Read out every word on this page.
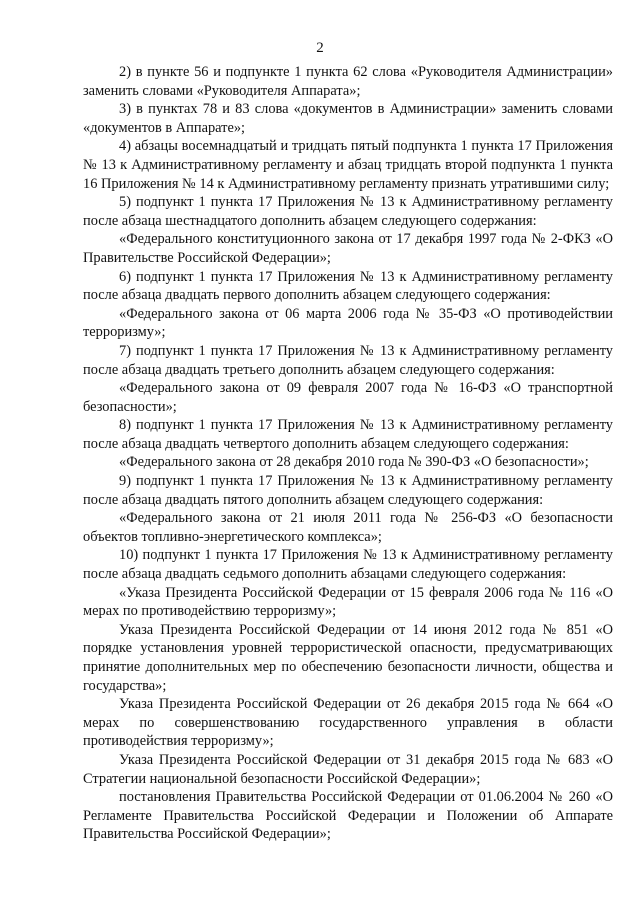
2

2) в пункте 56 и подпункте 1 пункта 62 слова «Руководителя Администрации» заменить словами «Руководителя Аппарата»;

3) в пунктах 78 и 83 слова «документов в Администрации» заменить словами «документов в Аппарате»;

4) абзацы восемнадцатый и тридцать пятый подпункта 1 пункта 17 Приложения № 13 к Административному регламенту и абзац тридцать второй подпункта 1 пункта 16 Приложения № 14 к Административному регламенту признать утратившими силу;

5) подпункт 1 пункта 17 Приложения № 13 к Административному регламенту после абзаца шестнадцатого дополнить абзацем следующего содержания:

«Федерального конституционного закона от 17 декабря 1997 года № 2-ФКЗ «О Правительстве Российской Федерации»;

6) подпункт 1 пункта 17 Приложения № 13 к Административному регламенту после абзаца двадцать первого дополнить абзацем следующего содержания:

«Федерального закона от 06 марта 2006 года № 35-ФЗ «О противодействии терроризму»;

7) подпункт 1 пункта 17 Приложения № 13 к Административному регламенту после абзаца двадцать третьего дополнить абзацем следующего содержания:

«Федерального закона от 09 февраля 2007 года № 16-ФЗ «О транспортной безопасности»;

8) подпункт 1 пункта 17 Приложения № 13 к Административному регламенту после абзаца двадцать четвертого дополнить абзацем следующего содержания:

«Федерального закона от 28 декабря 2010 года № 390-ФЗ «О безопасности»;

9) подпункт 1 пункта 17 Приложения № 13 к Административному регламенту после абзаца двадцать пятого дополнить абзацем следующего содержания:

«Федерального закона от 21 июля 2011 года № 256-ФЗ «О безопасности объектов топливно-энергетического комплекса»;

10) подпункт 1 пункта 17 Приложения № 13 к Административному регламенту после абзаца двадцать седьмого дополнить абзацами следующего содержания:

«Указа Президента Российской Федерации от 15 февраля 2006 года № 116 «О мерах по противодействию терроризму»;

Указа Президента Российской Федерации от 14 июня 2012 года № 851 «О порядке установления уровней террористической опасности, предусматривающих принятие дополнительных мер по обеспечению безопасности личности, общества и государства»;

Указа Президента Российской Федерации от 26 декабря 2015 года № 664 «О мерах по совершенствованию государственного управления в области противодействия терроризму»;

Указа Президента Российской Федерации от 31 декабря 2015 года № 683 «О Стратегии национальной безопасности Российской Федерации»;

постановления Правительства Российской Федерации от 01.06.2004 № 260 «О Регламенте Правительства Российской Федерации и Положении об Аппарате Правительства Российской Федерации»;
